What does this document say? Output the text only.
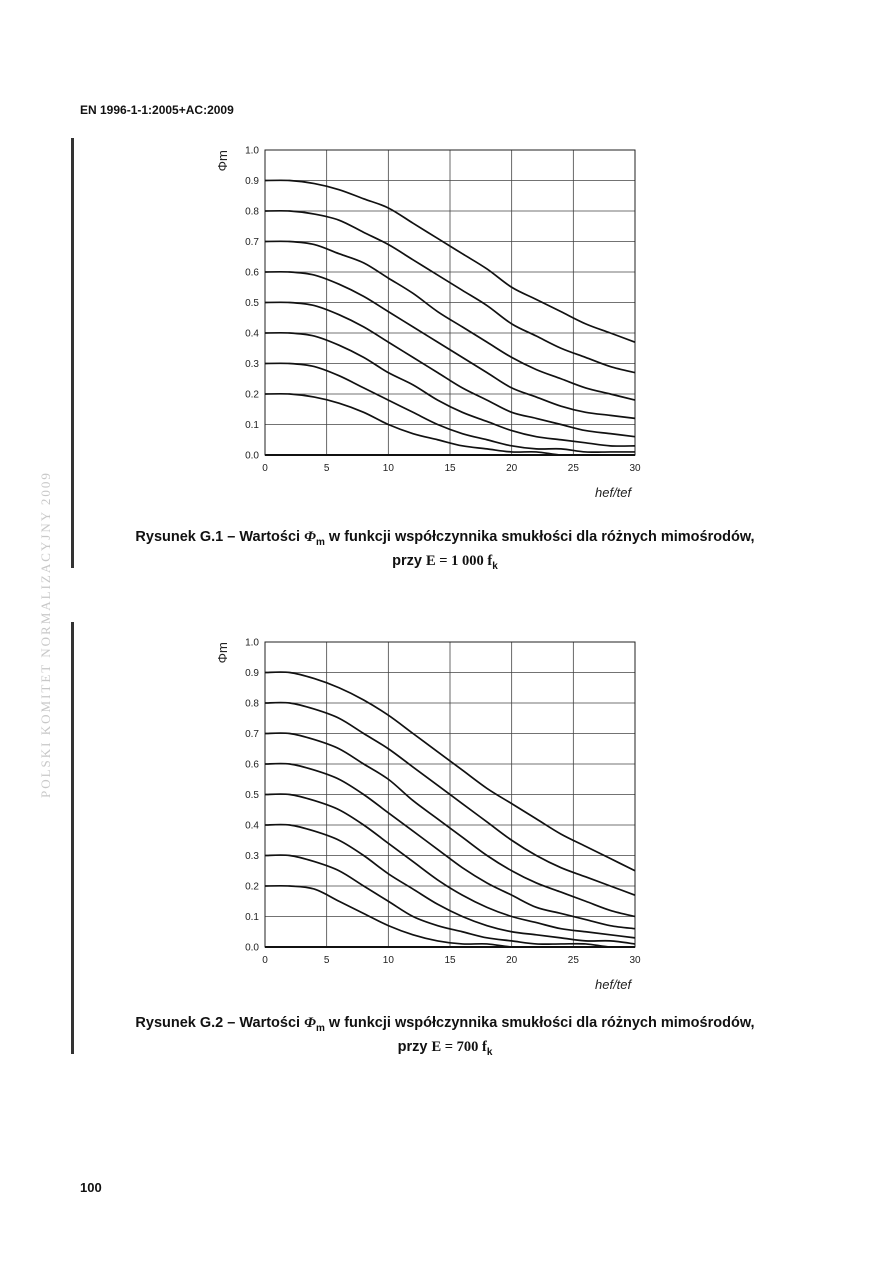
EN 1996-1-1:2005+AC:2009
POLSKI KOMITET NORMALIZACYJNY 2009
0	5	10	15	20	25	30
0.0
0.1
0.2
0.3
0.4
0.5
0.6
0.7
0.8
0.9
1.0
Φm
hef/tef
Rysunek G.1 – Wartości $\Phi_m$ w funkcji współczynnika smukłości dla różnych mimośrodów,
przy E = 1 000 $f_k$
0	5	10	15	20	25	30
0.0
0.1
0.2
0.3
0.4
0.5
0.6
0.7
0.8
0.9
1.0
Φm
hef/tef
Rysunek G.2 – Wartości $\Phi_m$ w funkcji współczynnika smukłości dla różnych mimośrodów,
przy E = 700 $f_k$
100
